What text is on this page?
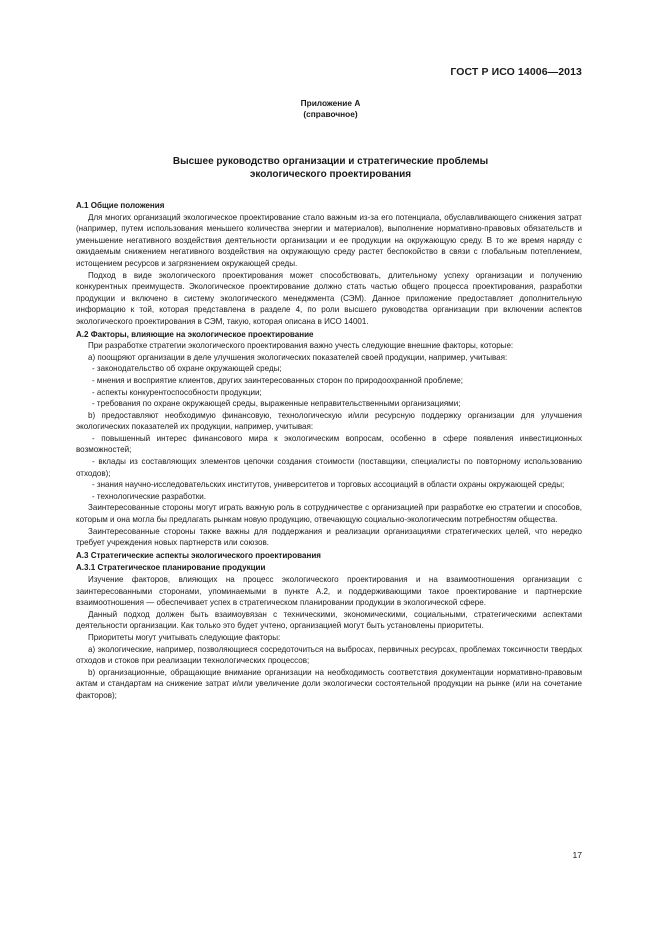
ГОСТ Р ИСО 14006—2013
Приложение А
(справочное)
Высшее руководство организации и стратегические проблемы
экологического проектирования

А.1 Общие положения

Для многих организаций экологическое проектирование стало важным из-за его потенциала, обуславливающего снижения затрат (например, путем использования меньшего количества энергии и материалов), выполнение нормативно-правовых обязательств и уменьшение негативного воздействия деятельности организации и ее продукции на окружающую среду. В то же время наряду с ожидаемым снижением негативного воздействия на окружающую среду растет беспокойство в связи с глобальным потеплением, истощением ресурсов и загрязнением окружающей среды.

Подход в виде экологического проектирования может способствовать, длительному успеху организации и получению конкурентных преимуществ. Экологическое проектирование должно стать частью общего процесса проектирования, разработки продукции и включено в систему экологического менеджмента (СЭМ). Данное приложение предоставляет дополнительную информацию к той, которая представлена в разделе 4, по роли высшего руководства организации при включении аспектов экологического проектирования в СЭМ, такую, которая описана в ИСО 14001.

А.2 Факторы, влияющие на экологическое проектирование

При разработке стратегии экологического проектирования важно учесть следующие внешние факторы, которые:

а) поощряют организации в деле улучшения экологических показателей своей продукции, например, учитывая:

- законодательство об охране окружающей среды;

- мнения и восприятие клиентов, других заинтересованных сторон по природоохранной проблеме;

- аспекты конкурентоспособности продукции;

- требования по охране окружающей среды, выраженные неправительственными организациями;

b) предоставляют необходимую финансовую, технологическую и/или ресурсную поддержку организации для улучшения экологических показателей их продукции, например, учитывая:

- повышенный интерес финансового мира к экологическим вопросам, особенно в сфере появления инвестиционных возможностей;

- вклады из составляющих элементов цепочки создания стоимости (поставщики, специалисты по повторному использованию отходов);

- знания научно-исследовательских институтов, университетов и торговых ассоциаций в области охраны окружающей среды;

- технологические разработки.

Заинтересованные стороны могут играть важную роль в сотрудничестве с организацией при разработке ею стратегии и способов, которым и она могла бы предлагать рынкам новую продукцию, отвечающую социально-экологическим потребностям общества.

Заинтересованные стороны также важны для поддержания и реализации организациями стратегических целей, что нередко требует учреждения новых партнерств или союзов.

А.3 Стратегические аспекты экологического проектирования

А.3.1 Стратегическое планирование продукции

Изучение факторов, влияющих на процесс экологического проектирования и на взаимоотношения организации с заинтересованными сторонами, упоминаемыми в пункте А.2, и поддерживающими такое проектирование и партнерские взаимоотношения — обеспечивает успех в стратегическом планировании продукции в экологической сфере.

Данный подход должен быть взаимоувязан с техническими, экономическими, социальными, стратегическими аспектами деятельности организации. Как только это будет учтено, организацией могут быть установлены приоритеты.

Приоритеты могут учитывать следующие факторы:

а) экологические, например, позволяющиеся сосредоточиться на выбросах, первичных ресурсах, проблемах токсичности твердых отходов и стоков при реализации технологических процессов;

b) организационные, обращающие внимание организации на необходимость соответствия документации нормативно-правовым актам и стандартам на снижение затрат и/или увеличение доли экологически состоятельной продукции на рынке (или на сочетание факторов);

17
